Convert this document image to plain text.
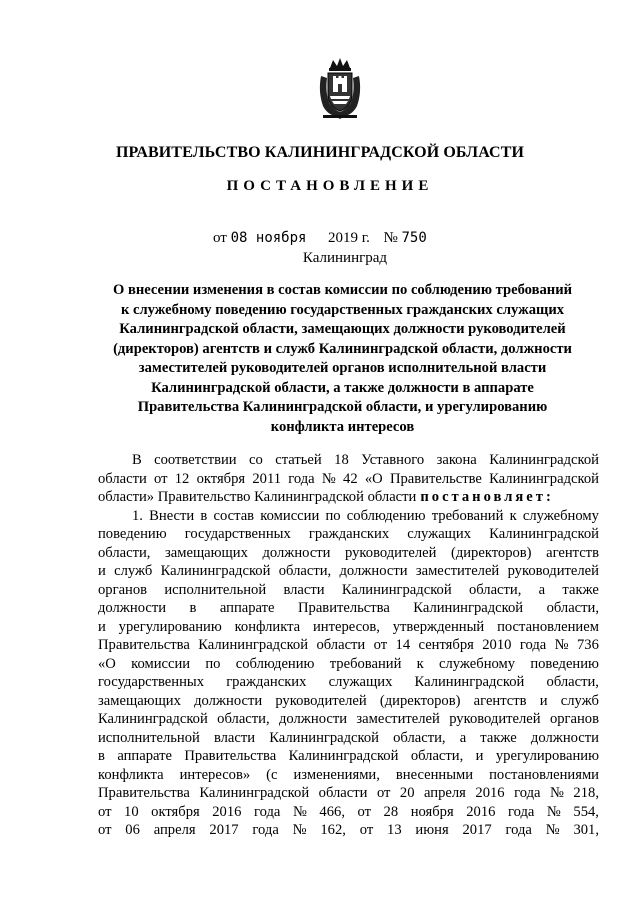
ПРАВИТЕЛЬСТВО КАЛИНИНГРАДСКОЙ ОБЛАСТИ
ПОСТАНОВЛЕНИЕ
от 08 ноября 2019 г. № 750
Калининград
О внесении изменения в состав комиссии по соблюдению требований
к служебному поведению государственных гражданских служащих
Калининградской области, замещающих должности руководителей
(директоров) агентств и служб Калининградской области, должности
заместителей руководителей органов исполнительной власти
Калининградской области, а также должности в аппарате
Правительства Калининградской области, и урегулированию
конфликта интересов
В соответствии со статьей 18 Уставного закона Калининградской
области от 12 октября 2011 года № 42 «О Правительстве Калининградской
области» Правительство Калининградской области постановляет:
1. Внести в состав комиссии по соблюдению требований к служебному
поведению государственных гражданских служащих Калининградской
области, замещающих должности руководителей (директоров) агентств
и служб Калининградской области, должности заместителей руководителей
органов исполнительной власти Калининградской области, а также
должности в аппарате Правительства Калининградской области,
и урегулированию конфликта интересов, утвержденный постановлением
Правительства Калининградской области от 14 сентября 2010 года № 736
«О комиссии по соблюдению требований к служебному поведению
государственных гражданских служащих Калининградской области,
замещающих должности руководителей (директоров) агентств и служб
Калининградской области, должности заместителей руководителей органов
исполнительной власти Калининградской области, а также должности
в аппарате Правительства Калининградской области, и урегулированию
конфликта интересов» (с изменениями, внесенными постановлениями
Правительства Калининградской области от 20 апреля 2016 года № 218,
от 10 октября 2016 года № 466, от 28 ноября 2016 года № 554,
от 06 апреля 2017 года № 162, от 13 июня 2017 года № 301,
